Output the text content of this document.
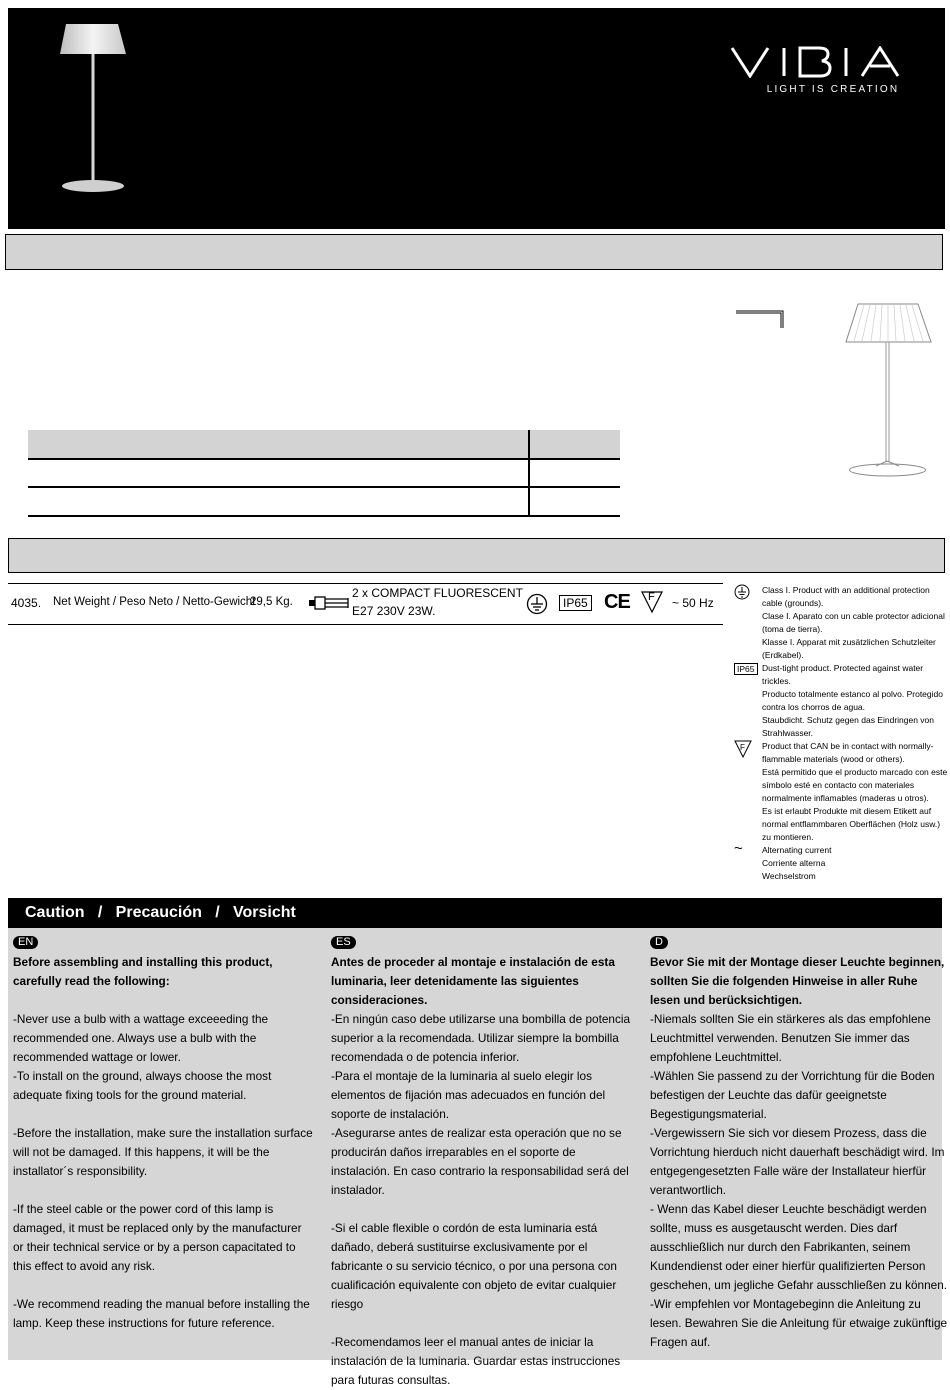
LIGHT IS CREATION
4035. Net Weight / Peso Neto / Netto-Gewicht
29,5 Kg.
2 x COMPACT FLUORESCENT
E27 230V 23W.
IP65 CE F ~ 50 Hz
Class I. Product with an additional protection cable (grounds).
Clase I. Aparato con un cable protector adicional (toma de tierra).
Klasse I. Apparat mit zusätzlichen Schutzleiter (Erdkabel).
IP65 Dust-tight product. Protected against water trickles.
Producto totalmente estanco al polvo. Protegido contra los chorros de agua.
Staubdicht. Schutz gegen das Eindringen von Strahlwasser.
F Product that CAN be in contact with normally-flammable materials (wood or others).
Está permitido que el producto marcado con este símbolo esté en contacto con materiales normalmente inflamables (maderas u otros).
Es ist erlaubt Produkte mit diesem Etikett auf normal entflammbaren Oberflächen (Holz usw.) zu montieren.
~ Alternating current
Corriente alterna
Wechselstrom
Caution   /   Precaución   /   Vorsicht
EN

Before assembling and installing this product, carefully read the following:

-Never use a bulb with a wattage exceeeding the recommended one. Always use a bulb with the recommended wattage or lower.

-To install on the ground, always choose the most adequate fixing tools for the ground material.

-Before the installation, make sure the installation surface will not be damaged. If this happens, it will be the installator´s responsibility.

-If the steel cable or the power cord of this lamp is damaged, it must be replaced only by the manufacturer or their technical service or by a person capacitated to this effect to avoid any risk.

-We recommend reading the manual before installing the lamp. Keep these instructions for future reference.

ES

Antes de proceder al montaje e instalación de esta luminaria, leer detenidamente las siguientes consideraciones.

-En ningún caso debe utilizarse una bombilla de potencia superior a la recomendada. Utilizar siempre la bombilla recomendada o de potencia inferior.

-Para el montaje de la luminaria al suelo elegir los elementos de fijación mas adecuados en función del soporte de instalación.

-Asegurarse antes de realizar esta operación que no se producirán daños irreparables en el soporte de instalación. En caso contrario la responsabilidad será del instalador.

-Si el cable flexible o cordón de esta luminaria está dañado, deberá sustituirse exclusivamente por el fabricante o su servicio técnico, o por una persona con cualificación equivalente con objeto de evitar cualquier riesgo

-Recomendamos leer el manual antes de iniciar la instalación de la luminaria. Guardar estas instrucciones para futuras consultas.

D

Bevor Sie mit der Montage dieser Leuchte beginnen, sollten Sie die folgenden Hinweise in aller Ruhe lesen und berücksichtigen.

-Niemals sollten Sie ein stärkeres als das empfohlene Leuchtmittel verwenden. Benutzen Sie immer das empfohlene Leuchtmittel.

-Wählen Sie passend zu der Vorrichtung für die Boden befestigen der Leuchte das dafür geeignetste Begestigungsmaterial.

-Vergewissern Sie sich vor diesem Prozess, dass die Vorrichtung hierduch nicht dauerhaft beschädigt wird. Im entgegengesetzten Falle wäre der Installateur hierfür verantwortlich.

- Wenn das Kabel dieser Leuchte beschädigt werden sollte, muss es ausgetauscht werden. Dies darf ausschließlich nur durch den Fabrikanten, seinem Kundendienst oder einer hierfür qualifizierten Person geschehen, um jegliche Gefahr ausschließen zu können.

-Wir empfehlen vor Montagebeginn die Anleitung zu lesen. Bewahren Sie die Anleitung für etwaige zukünftige Fragen auf.
